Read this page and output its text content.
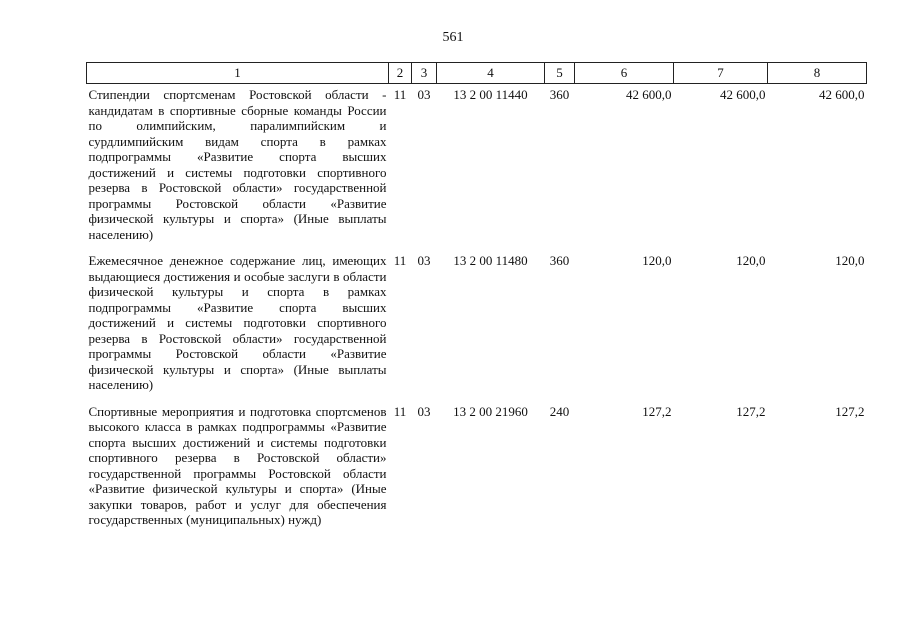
561
1	2	3	4	5	6	7	8
Стипендии спортсменам Ростовской области - кандидатам в спортивные сборные команды России по олимпийским, паралимпийским и сурдлимпийским видам спорта в рамках подпрограммы «Развитие спорта высших достижений и системы подготовки спортивного резерва в Ростовской области» государственной программы Ростовской области «Развитие физической культуры и спорта» (Иные выплаты населению)	11	03	13 2 00 11440	360	42 600,0	42 600,0	42 600,0
Ежемесячное денежное содержание лиц, имеющих выдающиеся достижения и особые заслуги в области физической культуры и спорта в рамках подпрограммы «Развитие спорта высших достижений и системы подготовки спортивного резерва в Ростовской области» государственной программы Ростовской области «Развитие физической культуры и спорта» (Иные выплаты населению)	11	03	13 2 00 11480	360	120,0	120,0	120,0
Спортивные мероприятия и подготовка спортсменов высокого класса в рамках подпрограммы «Развитие спорта высших достижений и системы подготовки спортивного резерва в Ростовской области» государственной программы Ростовской области «Развитие физической культуры и спорта» (Иные закупки товаров, работ и услуг для обеспечения государственных (муниципальных) нужд)	11	03	13 2 00 21960	240	127,2	127,2	127,2
